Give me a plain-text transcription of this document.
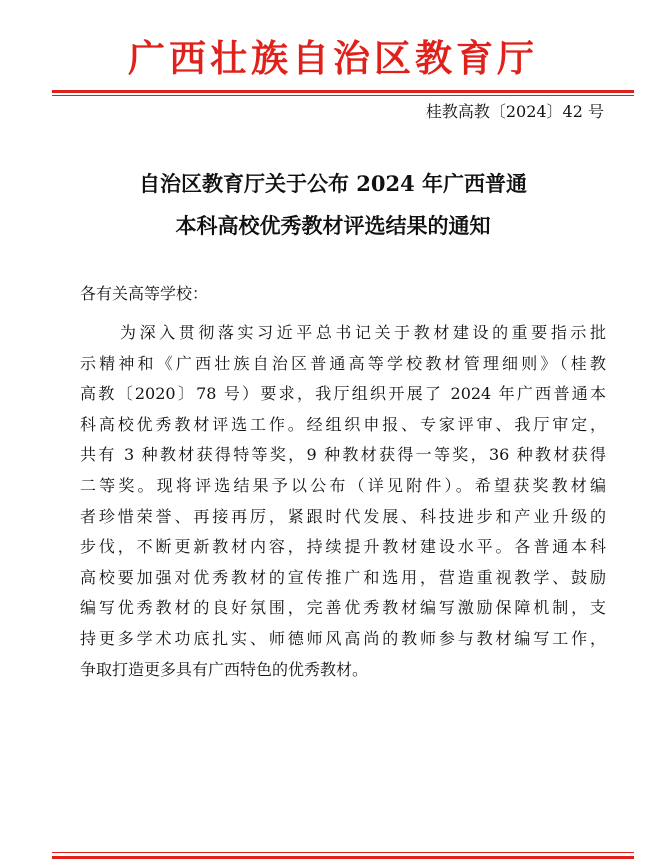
广西壮族自治区教育厅
桂教高教〔2024〕42 号
自治区教育厅关于公布 2024 年广西普通
本科高校优秀教材评选结果的通知
各有关高等学校：
为深入贯彻落实习近平总书记关于教材建设的重要指示批
示精神和《广西壮族自治区普通高等学校教材管理细则》（桂教
高教〔2020〕78 号）要求，我厅组织开展了 2024 年广西普通本
科高校优秀教材评选工作。经组织申报、专家评审、我厅审定，
共有 3 种教材获得特等奖，9 种教材获得一等奖，36 种教材获得
二等奖。现将评选结果予以公布（详见附件）。希望获奖教材编
者珍惜荣誉、再接再厉，紧跟时代发展、科技进步和产业升级的
步伐，不断更新教材内容，持续提升教材建设水平。各普通本科
高校要加强对优秀教材的宣传推广和选用，营造重视教学、鼓励
编写优秀教材的良好氛围，完善优秀教材编写激励保障机制，支
持更多学术功底扎实、师德师风高尚的教师参与教材编写工作，
争取打造更多具有广西特色的优秀教材。
